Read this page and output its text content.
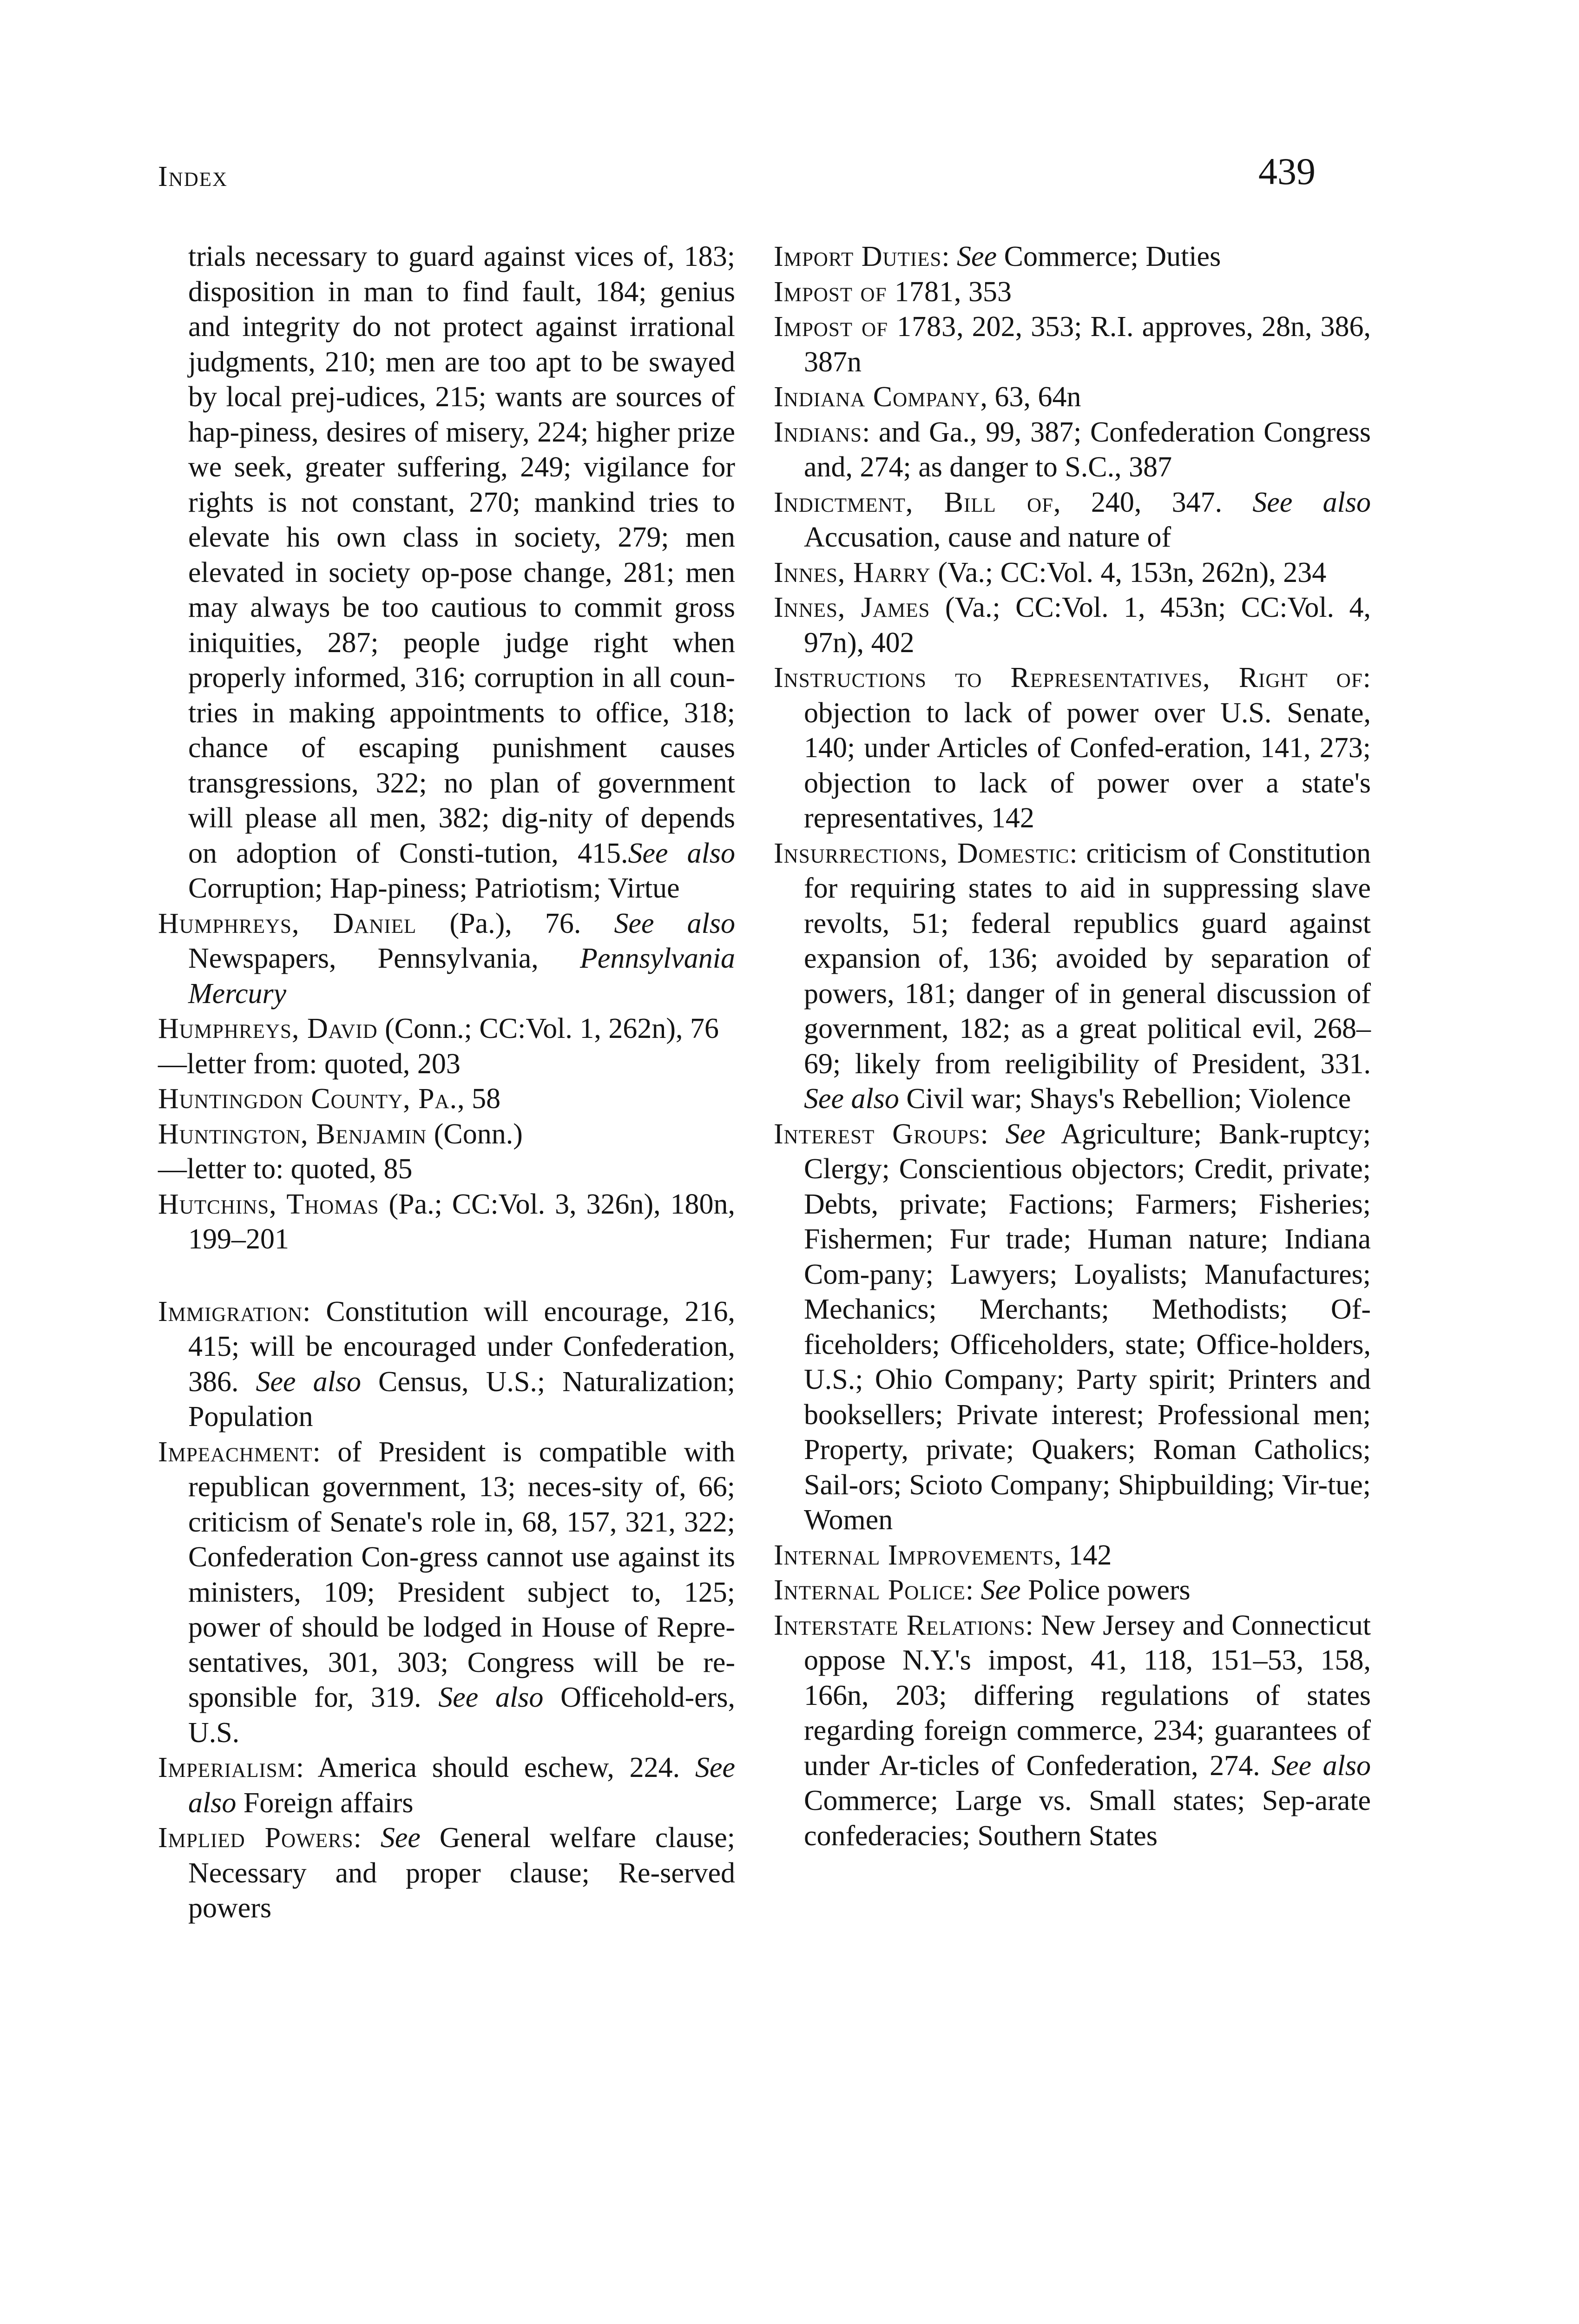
Index	439

trials necessary to guard against vices of, 183; disposition in man to find fault, 184; genius and integrity do not protect against irrational judgments, 210; men are too apt to be swayed by local prej-udices, 215; wants are sources of hap-piness, desires of misery, 224; higher prize we seek, greater suffering, 249; vigilance for rights is not constant, 270; mankind tries to elevate his own class in society, 279; men elevated in society op-pose change, 281; men may always be too cautious to commit gross iniquities, 287; people judge right when properly informed, 316; corruption in all coun-tries in making appointments to office, 318; chance of escaping punishment causes transgressions, 322; no plan of government will please all men, 382; dig-nity of depends on adoption of Consti-tution, 415.See also Corruption; Hap-piness; Patriotism; Virtue

Humphreys, Daniel (Pa.), 76. See also Newspapers, Pennsylvania, Pennsylvania Mercury

Humphreys, David (Conn.; CC:Vol. 1, 262n), 76

—letter from: quoted, 203

Huntingdon County, Pa., 58

Huntington, Benjamin (Conn.)

—letter to: quoted, 85

Hutchins, Thomas (Pa.; CC:Vol. 3, 326n), 180n, 199–201

Immigration: Constitution will encourage, 216, 415; will be encouraged under Confederation, 386. See also Census, U.S.; Naturalization; Population

Impeachment: of President is compatible with republican government, 13; neces-sity of, 66; criticism of Senate's role in, 68, 157, 321, 322; Confederation Con-gress cannot use against its ministers, 109; President subject to, 125; power of should be lodged in House of Repre-sentatives, 301, 303; Congress will be re-sponsible for, 319. See also Officehold-ers, U.S.

Imperialism: America should eschew, 224. See also Foreign affairs

Implied Powers: See General welfare clause; Necessary and proper clause; Re-served powers

Import Duties: See Commerce; Duties

Impost of 1781, 353

Impost of 1783, 202, 353; R.I. approves, 28n, 386, 387n

Indiana Company, 63, 64n

Indians: and Ga., 99, 387; Confederation Congress and, 274; as danger to S.C., 387

Indictment, Bill of, 240, 347. See also Accusation, cause and nature of

Innes, Harry (Va.; CC:Vol. 4, 153n, 262n), 234

Innes, James (Va.; CC:Vol. 1, 453n; CC:Vol. 4, 97n), 402

Instructions to Representatives, Right of: objection to lack of power over U.S. Senate, 140; under Articles of Confed-eration, 141, 273; objection to lack of power over a state's representatives, 142

Insurrections, Domestic: criticism of Constitution for requiring states to aid in suppressing slave revolts, 51; federal republics guard against expansion of, 136; avoided by separation of powers, 181; danger of in general discussion of government, 182; as a great political evil, 268–69; likely from reeligibility of President, 331. See also Civil war; Shays's Rebellion; Violence

Interest Groups: See Agriculture; Bank-ruptcy; Clergy; Conscientious objectors; Credit, private; Debts, private; Factions; Farmers; Fisheries; Fishermen; Fur trade; Human nature; Indiana Com-pany; Lawyers; Loyalists; Manufactures; Mechanics; Merchants; Methodists; Of-ficeholders; Officeholders, state; Office-holders, U.S.; Ohio Company; Party spirit; Printers and booksellers; Private interest; Professional men; Property, private; Quakers; Roman Catholics; Sail-ors; Scioto Company; Shipbuilding; Vir-tue; Women

Internal Improvements, 142

Internal Police: See Police powers

Interstate Relations: New Jersey and Connecticut oppose N.Y.'s impost, 41, 118, 151–53, 158, 166n, 203; differing regulations of states regarding foreign commerce, 234; guarantees of under Ar-ticles of Confederation, 274. See also Commerce; Large vs. Small states; Sep-arate confederacies; Southern States
